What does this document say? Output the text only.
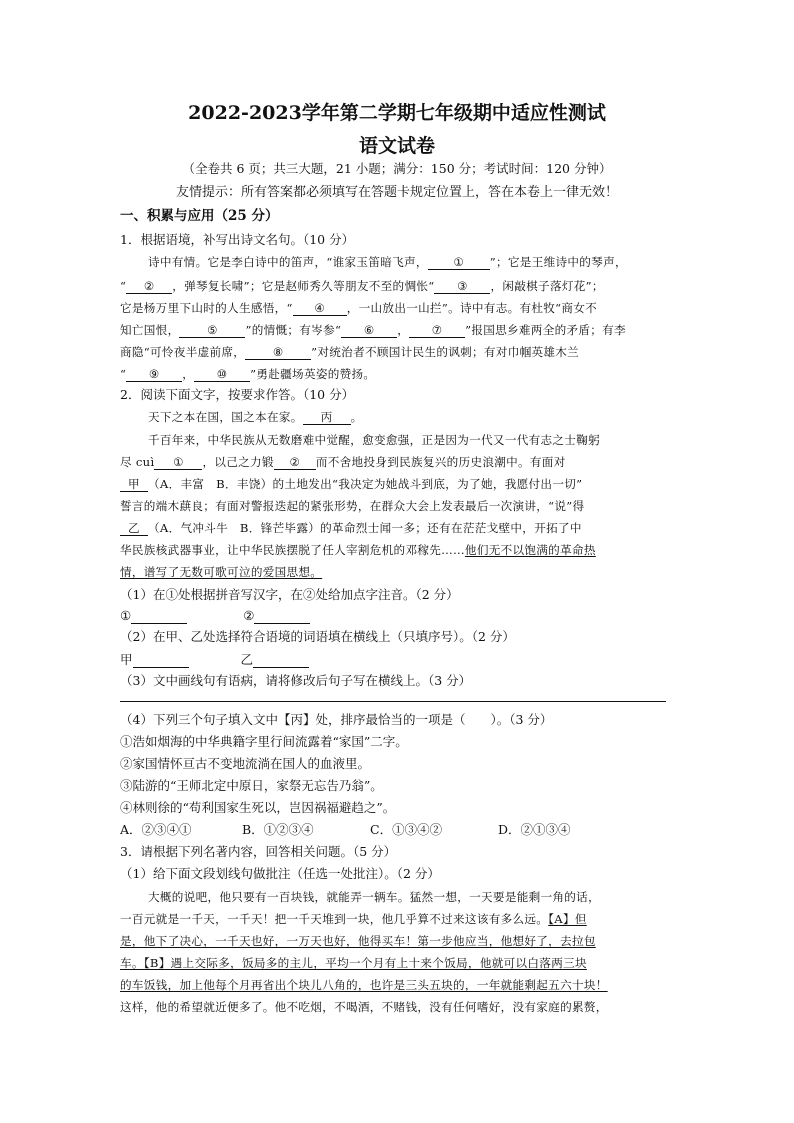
2022-2023学年第二学期七年级期中适应性测试
语文试卷
（全卷共 6 页；共三大题，21 小题；满分：150 分；考试时间：120 分钟）
友情提示：所有答案都必须填写在答题卡规定位置上，答在本卷上一律无效！
一、积累与应用（25 分）
1．根据语境，补写出诗文名句。（10 分）
诗中有情。它是李白诗中的笛声，“谁家玉笛暗飞声， ① ”；它是王维诗中的琴声，
“ ② ，弹琴复长啸”；它是赵师秀久等朋友不至的惆怅“ ③ ，闲敲棋子落灯花”；
它是杨万里下山时的人生感悟，“ ④ ，一山放出一山拦”。诗中有志。有杜牧“商女不
知亡国恨， ⑤ ”的情慨；有岑参“ ⑥ ， ⑦ ”报国思乡难两全的矛盾；有李
商隐“可怜夜半虚前席， ⑧ ”对统治者不顾国计民生的讽刺；有对巾帼英雄木兰
“ ⑨ ， ⑩ ”勇赴疆场英姿的赞扬。
2．阅读下面文字，按要求作答。（10 分）
天下之本在国，国之本在家。 丙 。
千百年来，中华民族从无数磨难中觉醒，愈变愈强，正是因为一代又一代有志之士鞠躬
尽 cuì ① ，以己之力锻 ② 而不舍地投身到民族复兴的历史浪潮中。有面对
甲 （A．丰富　B．丰饶）的土地发出“我决定为她战斗到底，为了她，我愿付出一切”
誓言的端木蕻良；有面对警报迭起的紧张形势，在群众大会上发表最后一次演讲，“说”得
乙 （A．气冲斗牛　B．锋芒毕露）的革命烈士闻一多；还有在茫茫戈壁中，开拓了中
华民族核武器事业，让中华民族摆脱了任人宰割危机的邓稼先……他们无不以饱满的革命热
情，谱写了无数可歌可泣的爱国思想。
（1）在①处根据拼音写汉字，在②处给加点字注音。（2 分）
①	②
（2）在甲、乙处选择符合语境的词语填在横线上（只填序号）。（2 分）
甲	乙
（3）文中画线句有语病，请将修改后句子写在横线上。（3 分）
（4）下列三个句子填入文中【丙】处，排序最恰当的一项是（　　）。（3 分）
①浩如烟海的中华典籍字里行间流露着“家国”二字。
②家国情怀亘古不变地流淌在国人的血液里。
③陆游的“王师北定中原日，家祭无忘告乃翁”。
④林则徐的“苟利国家生死以，岂因祸福避趋之”。
A．②③④①	B．①②③④	C．①③④②	D．②①③④
3．请根据下列名著内容，回答相关问题。（5 分）
（1）给下面文段划线句做批注（任选一处批注）。（2 分）
大概的说吧，他只要有一百块钱，就能弄一辆车。猛然一想，一天要是能剩一角的话，
一百元就是一千天，一千天！把一千天堆到一块，他几乎算不过来这该有多么远。【A】但
是，他下了决心，一千天也好，一万天也好，他得买车！第一步他应当，他想好了，去拉包
车。【B】遇上交际多，饭局多的主儿，平均一个月有上十来个饭局，他就可以白落两三块
的车饭钱，加上他每个月再省出个块儿八角的，也许是三头五块的，一年就能剩起五六十块！
这样，他的希望就近便多了。他不吃烟，不喝酒，不赌钱，没有任何嗜好，没有家庭的累赘，
